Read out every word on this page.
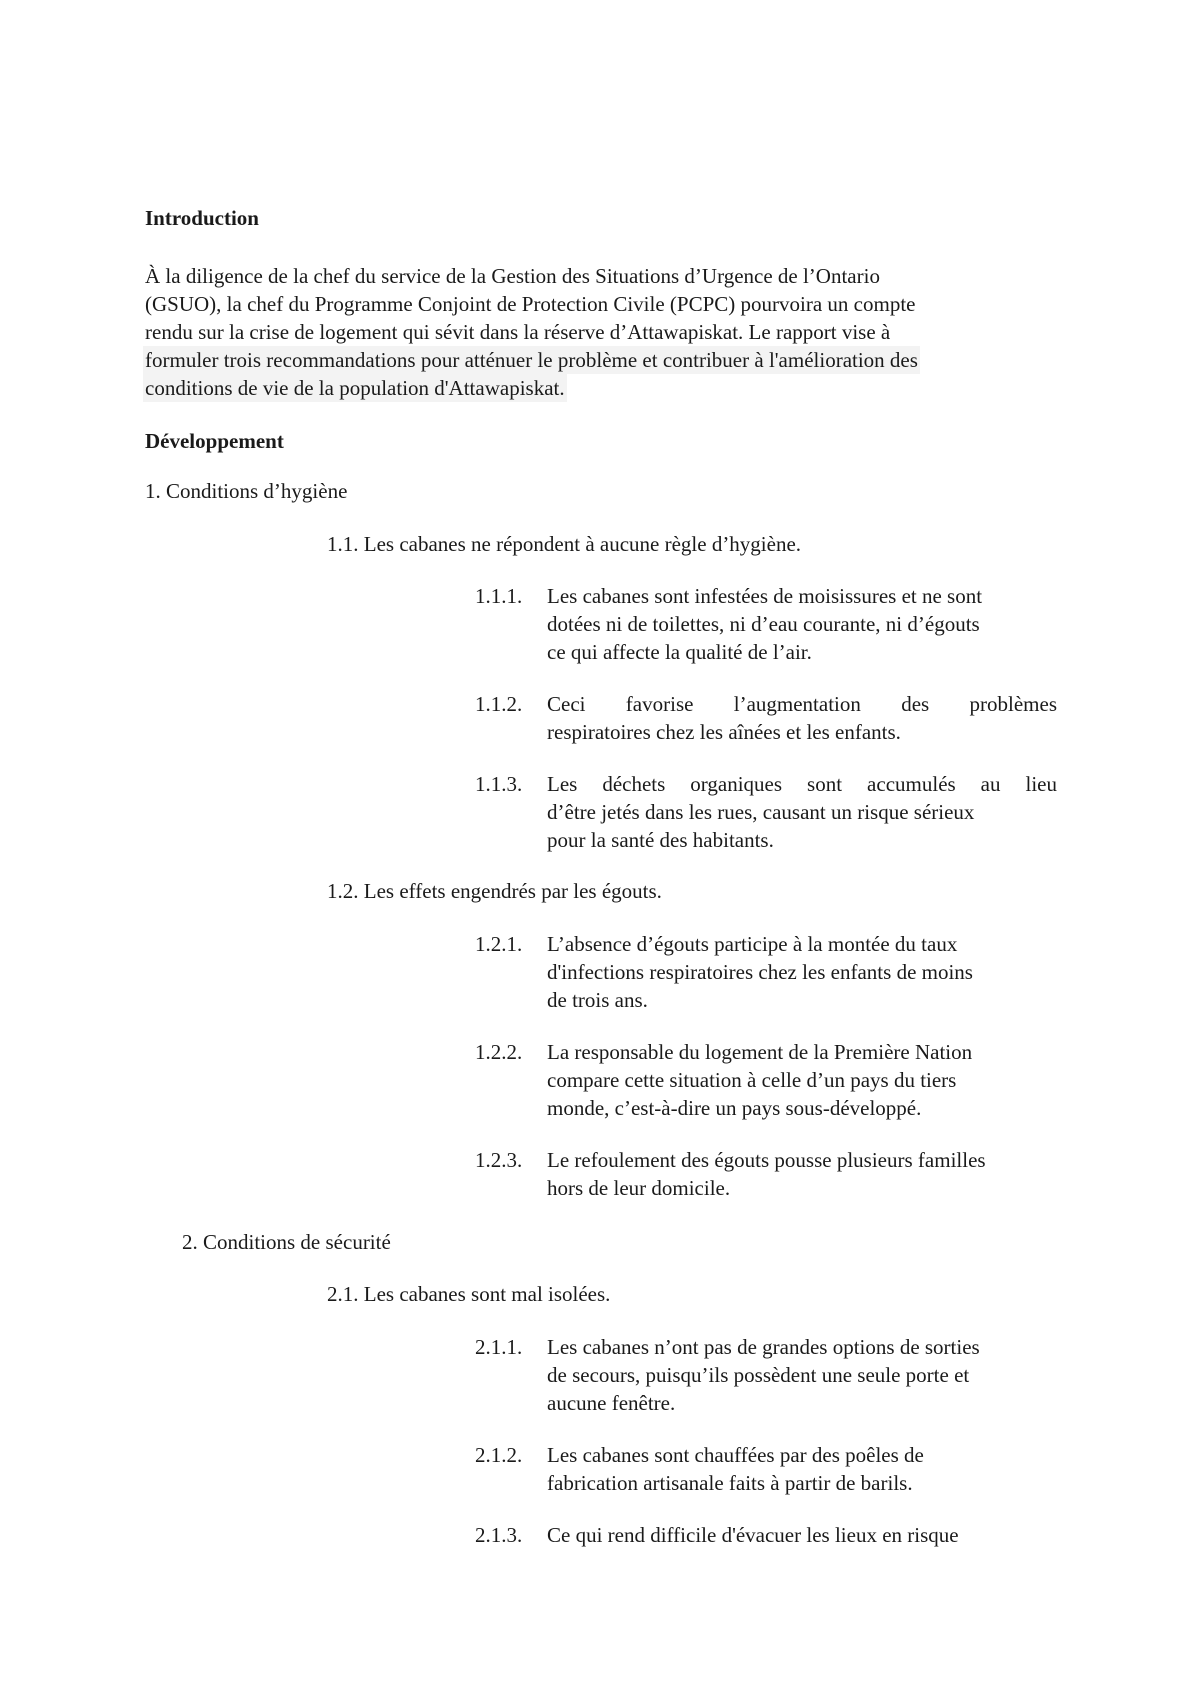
Introduction
À la diligence de la chef du service de la Gestion des Situations d’Urgence de l’Ontario
(GSUO), la chef du Programme Conjoint de Protection Civile (PCPC) pourvoira un compte
rendu sur la crise de logement qui sévit dans la réserve d’Attawapiskat. Le rapport vise à
formuler trois recommandations pour atténuer le problème et contribuer à l'amélioration des
conditions de vie de la population d'Attawapiskat.
Développement
1. Conditions d’hygiène
1.1. Les cabanes ne répondent à aucune règle d’hygiène.
1.1.1. Les cabanes sont infestées de moisissures et ne sont
dotées ni de toilettes, ni d’eau courante, ni d’égouts
ce qui affecte la qualité de l’air.
1.1.2. Ceci favorise l’augmentation des problèmes
respiratoires chez les aînées et les enfants.
1.1.3. Les déchets organiques sont accumulés au lieu
d’être jetés dans les rues, causant un risque sérieux
pour la santé des habitants.
1.2. Les effets engendrés par les égouts.
1.2.1. L’absence d’égouts participe à la montée du taux
d'infections respiratoires chez les enfants de moins
de trois ans.
1.2.2. La responsable du logement de la Première Nation
compare cette situation à celle d’un pays du tiers
monde, c’est-à-dire un pays sous-développé.
1.2.3. Le refoulement des égouts pousse plusieurs familles
hors de leur domicile.
2. Conditions de sécurité
2.1. Les cabanes sont mal isolées.
2.1.1. Les cabanes n’ont pas de grandes options de sorties
de secours, puisqu’ils possèdent une seule porte et
aucune fenêtre.
2.1.2. Les cabanes sont chauffées par des poêles de
fabrication artisanale faits à partir de barils.
2.1.3. Ce qui rend difficile d'évacuer les lieux en risque
